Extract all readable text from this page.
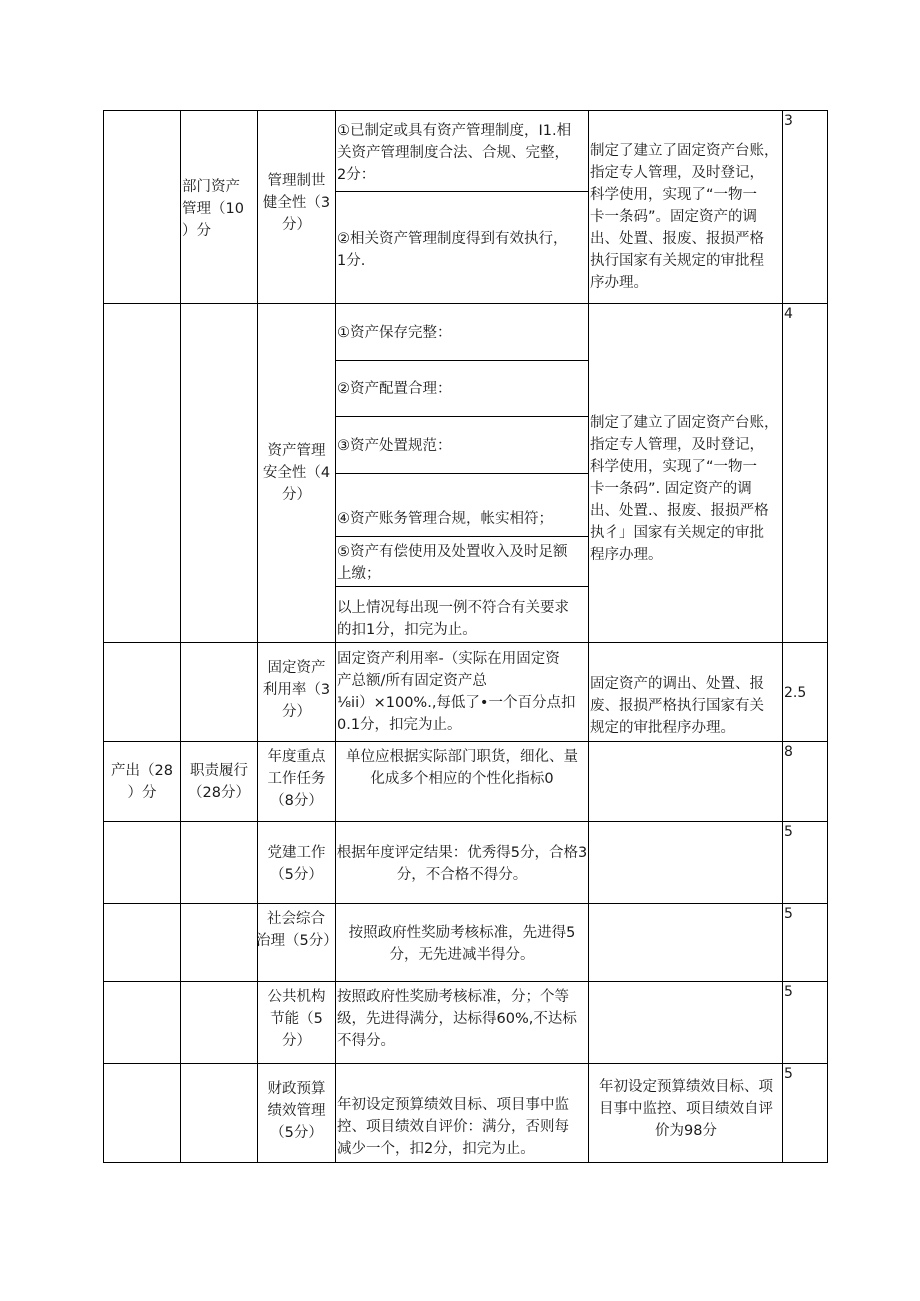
部门资产
管理（10
）分
管理制世
健全性（3
分）
①已制定或具有资产管理制度，I1.相
关资产管理制度合法、合规、完整，
2分：
②相关资产管理制度得到有效执行，
1分.
制定了建立了固定资产台账，
指定专人管理，及时登记，
科学使用，实现了“一物一
卡一条码”。固定资产的调
出、处置、报废、报损严格
执行国家有关规定的审批程
序办理。
3
资产管理
安全性（4
分）
①资产保存完整：
②资产配置合理：
③资产处置规范：
④资产账务管理合规，帐实相符；
⑤资产有偿使用及处置收入及时足额
上缴；
以上情况每出现一例不符合有关要求
的扣1分，扣完为止。
制定了建立了固定资产台账，
指定专人管理，及时登记，
科学使用，实现了“一物一
卡一条码”. 固定资产的调
出、处置.、报废、报损严格
执彳」国家有关规定的审批
程序办理。
4
固定资产
利用率（3
分）
固定资产利用率-（实际在用固定资
产总额/所有固定资产总
⅛ii）×100%.,每低了•一个百分点扣
0.1分，扣完为止。
固定资产的调出、处置、报
废、报损严格执行国家有关
规定的审批程序办理。
2.5
产出（28
）分
职责履行
（28分）
年度重点
工作任务
（8分）
单位应根据实际部门职货，细化、量
化成多个相应的个性化指标0
8
党建工作
（5分）
根据年度评定结果：优秀得5分，合格3
分，不合格不得分。
5
社会综合
治理（5分） 按照政府性奖励考核标准，先进得5
分，无先进减半得分。
5
公共机构
节能（5
分）
按照政府性奖励考核标准，分；个等
级，先进得满分，达标得60%,不达标
不得分。
5
财政预算
绩效管理
（5分）
年初设定预算绩效目标、项目事中监
控、项目绩效自评价：满分，否则每
减少一个，扣2分，扣完为止。
年初设定预算绩效目标、项
目事中监控、项目绩效自评
价为98分
5
